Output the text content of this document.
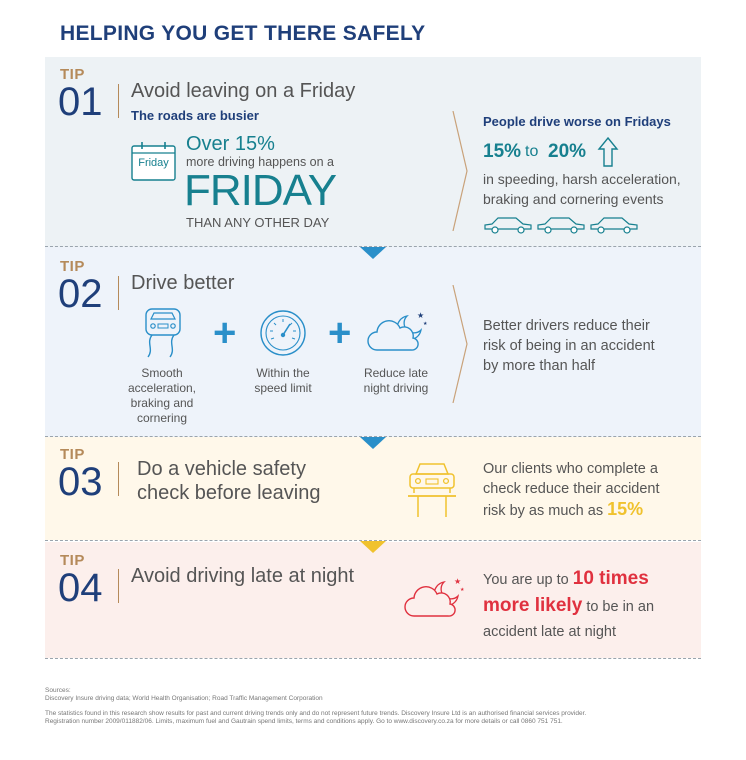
HELPING YOU GET THERE SAFELY
TIP
01 Avoid leaving on a Friday
The roads are busier
Friday
Over 15%
more driving happens on a
FRIDAY
THAN ANY OTHER DAY
People drive worse on Fridays
15% to 20%
in speeding, harsh acceleration,
braking and cornering events
TIP
02 Drive better
Smooth
acceleration,
braking and
cornering
+
Within the
speed limit
+	★
★
Reduce late
night driving
Better drivers reduce their
risk of being in an accident
by more than half
TIP
03 Do a vehicle safety
check before leaving
Our clients who complete a
check reduce their accident
risk by as much as 15%
TIP
04 Avoid driving late at night	★
★
You are up to 10 times
more likely to be in an
accident late at night
Sources:
Discovery Insure driving data; World Health Organisation; Road Traffic Management Corporation
The statistics found in this research show results for past and current driving trends only and do not represent future trends. Discovery Insure Ltd is an authorised financial services provider.
Registration number 2009/011882/06. Limits, maximum fuel and Gautrain spend limits, terms and conditions apply. Go to www.discovery.co.za for more details or call 0860 751 751.
